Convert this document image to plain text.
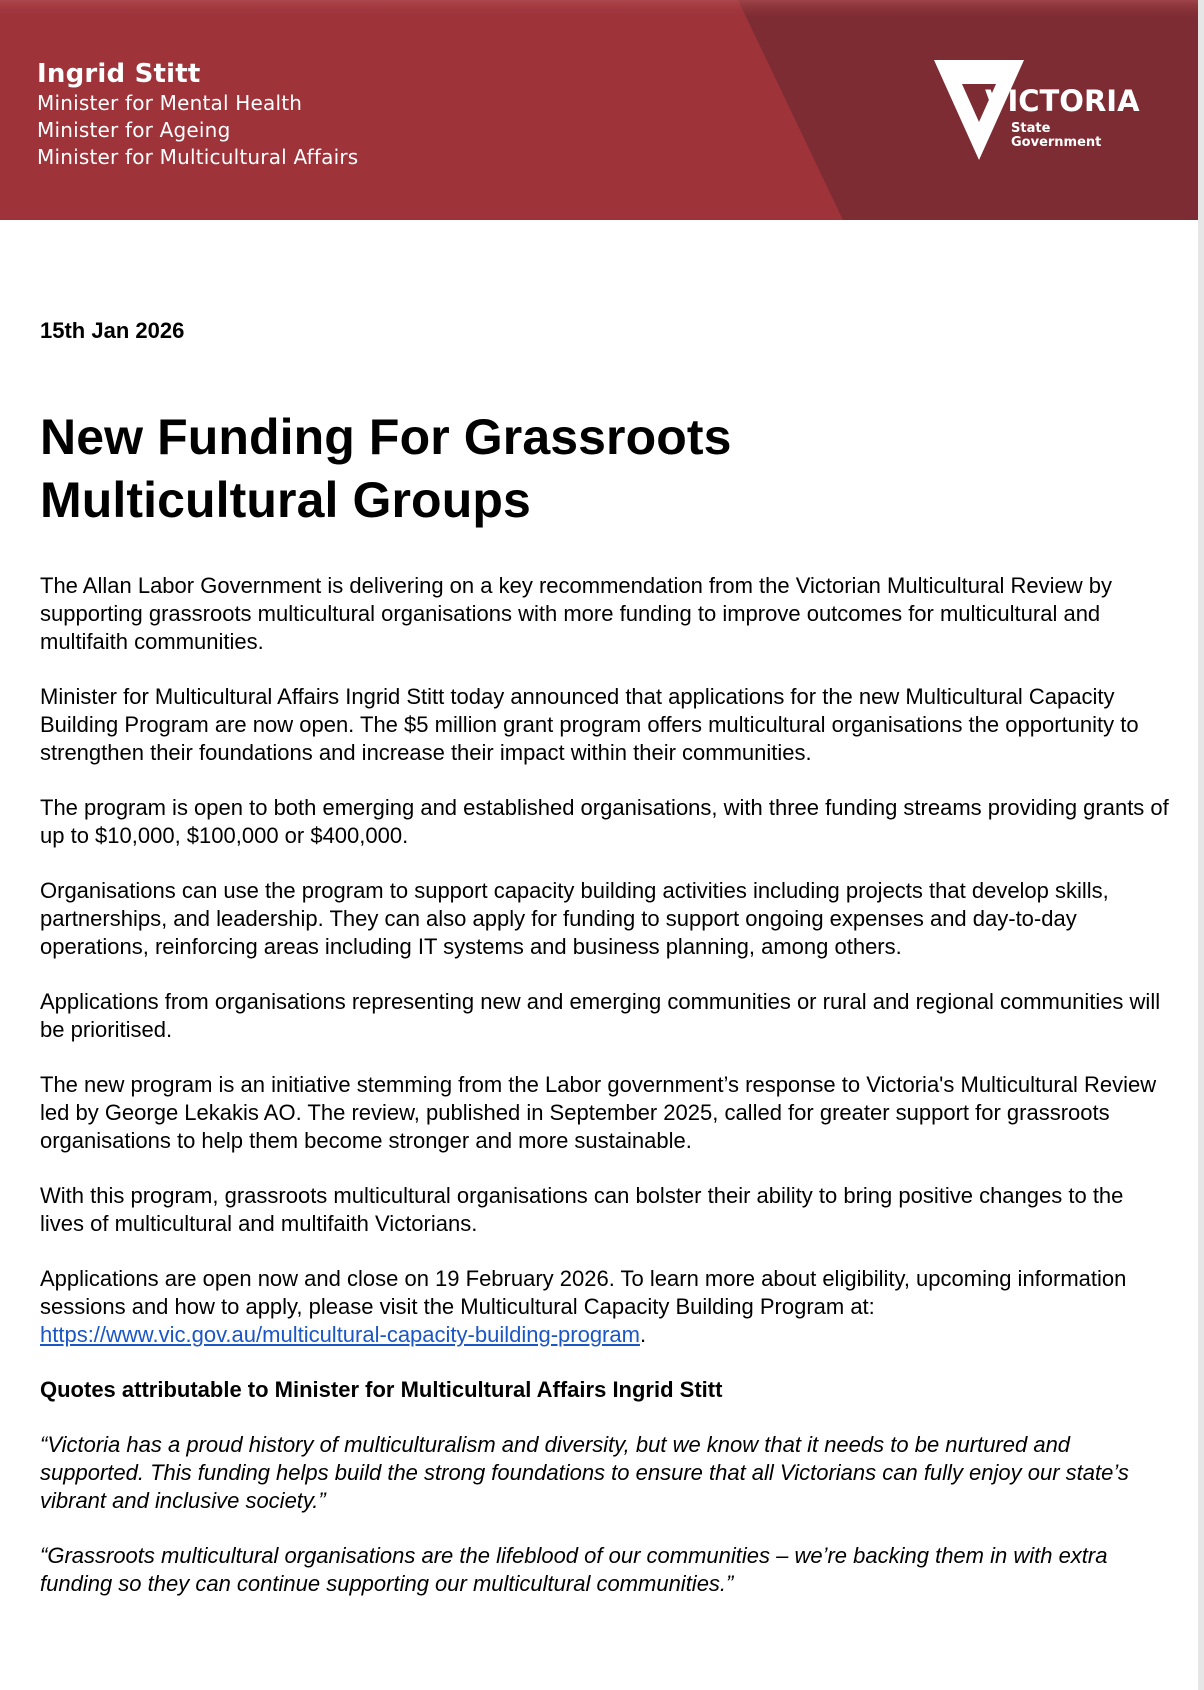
Ingrid Stitt
Minister for Mental Health
Minister for Ageing
Minister for Multicultural Affairs
VICTORIA
State
Government

15th Jan 2026

New Funding For Grassroots
Multicultural Groups

The Allan Labor Government is delivering on a key recommendation from the Victorian Multicultural Review by supporting grassroots multicultural organisations with more funding to improve outcomes for multicultural and multifaith communities.

Minister for Multicultural Affairs Ingrid Stitt today announced that applications for the new Multicultural Capacity Building Program are now open. The $5 million grant program offers multicultural organisations the opportunity to strengthen their foundations and increase their impact within their communities.

The program is open to both emerging and established organisations, with three funding streams providing grants of up to $10,000, $100,000 or $400,000.

Organisations can use the program to support capacity building activities including projects that develop skills, partnerships, and leadership. They can also apply for funding to support ongoing expenses and day-to-day operations, reinforcing areas including IT systems and business planning, among others.

Applications from organisations representing new and emerging communities or rural and regional communities will be prioritised.

The new program is an initiative stemming from the Labor government’s response to Victoria's Multicultural Review led by George Lekakis AO. The review, published in September 2025, called for greater support for grassroots organisations to help them become stronger and more sustainable.

With this program, grassroots multicultural organisations can bolster their ability to bring positive changes to the lives of multicultural and multifaith Victorians.

Applications are open now and close on 19 February 2026. To learn more about eligibility, upcoming information sessions and how to apply, please visit the Multicultural Capacity Building Program at: https://www.vic.gov.au/multicultural-capacity-building-program.

Quotes attributable to Minister for Multicultural Affairs Ingrid Stitt

“Victoria has a proud history of multiculturalism and diversity, but we know that it needs to be nurtured and supported. This funding helps build the strong foundations to ensure that all Victorians can fully enjoy our state’s vibrant and inclusive society.”

“Grassroots multicultural organisations are the lifeblood of our communities – we’re backing them in with extra funding so they can continue supporting our multicultural communities.”
